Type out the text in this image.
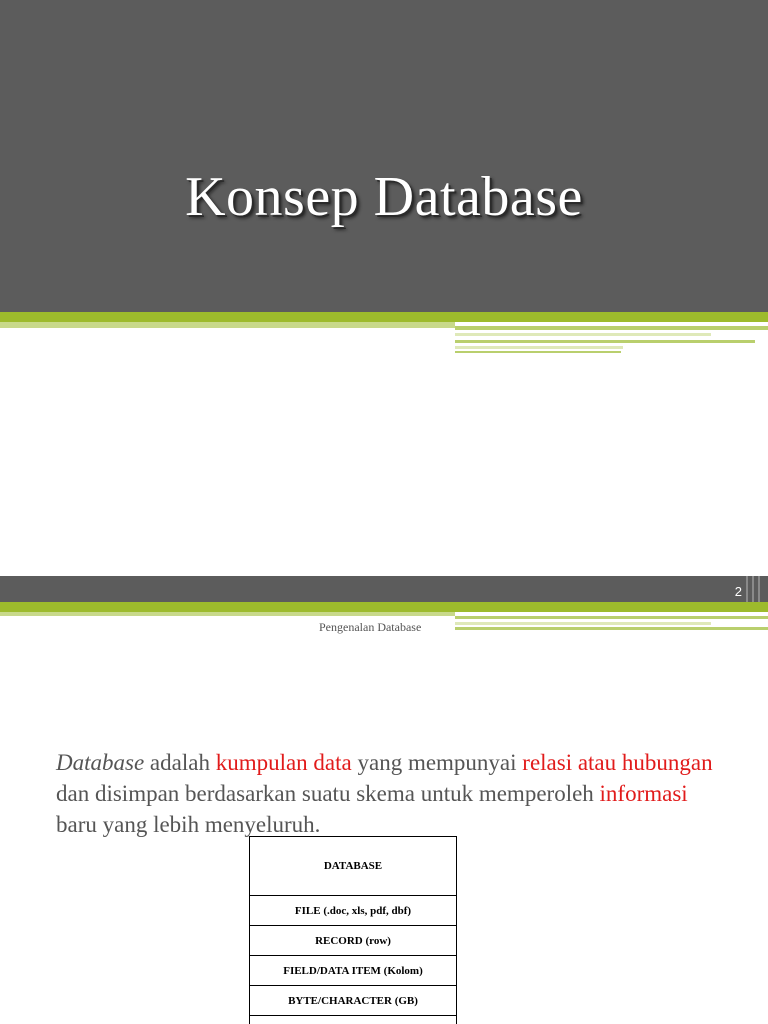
Konsep Database
2
Pengenalan Database

Database adalah kumpulan data yang mempunyai relasi atau hubungan dan disimpan berdasarkan suatu skema untuk memperoleh informasi baru yang lebih menyeluruh.

DATABASE
FILE (.doc, xls, pdf, dbf)
RECORD (row)
FIELD/DATA ITEM (Kolom)
BYTE/CHARACTER (GB)
